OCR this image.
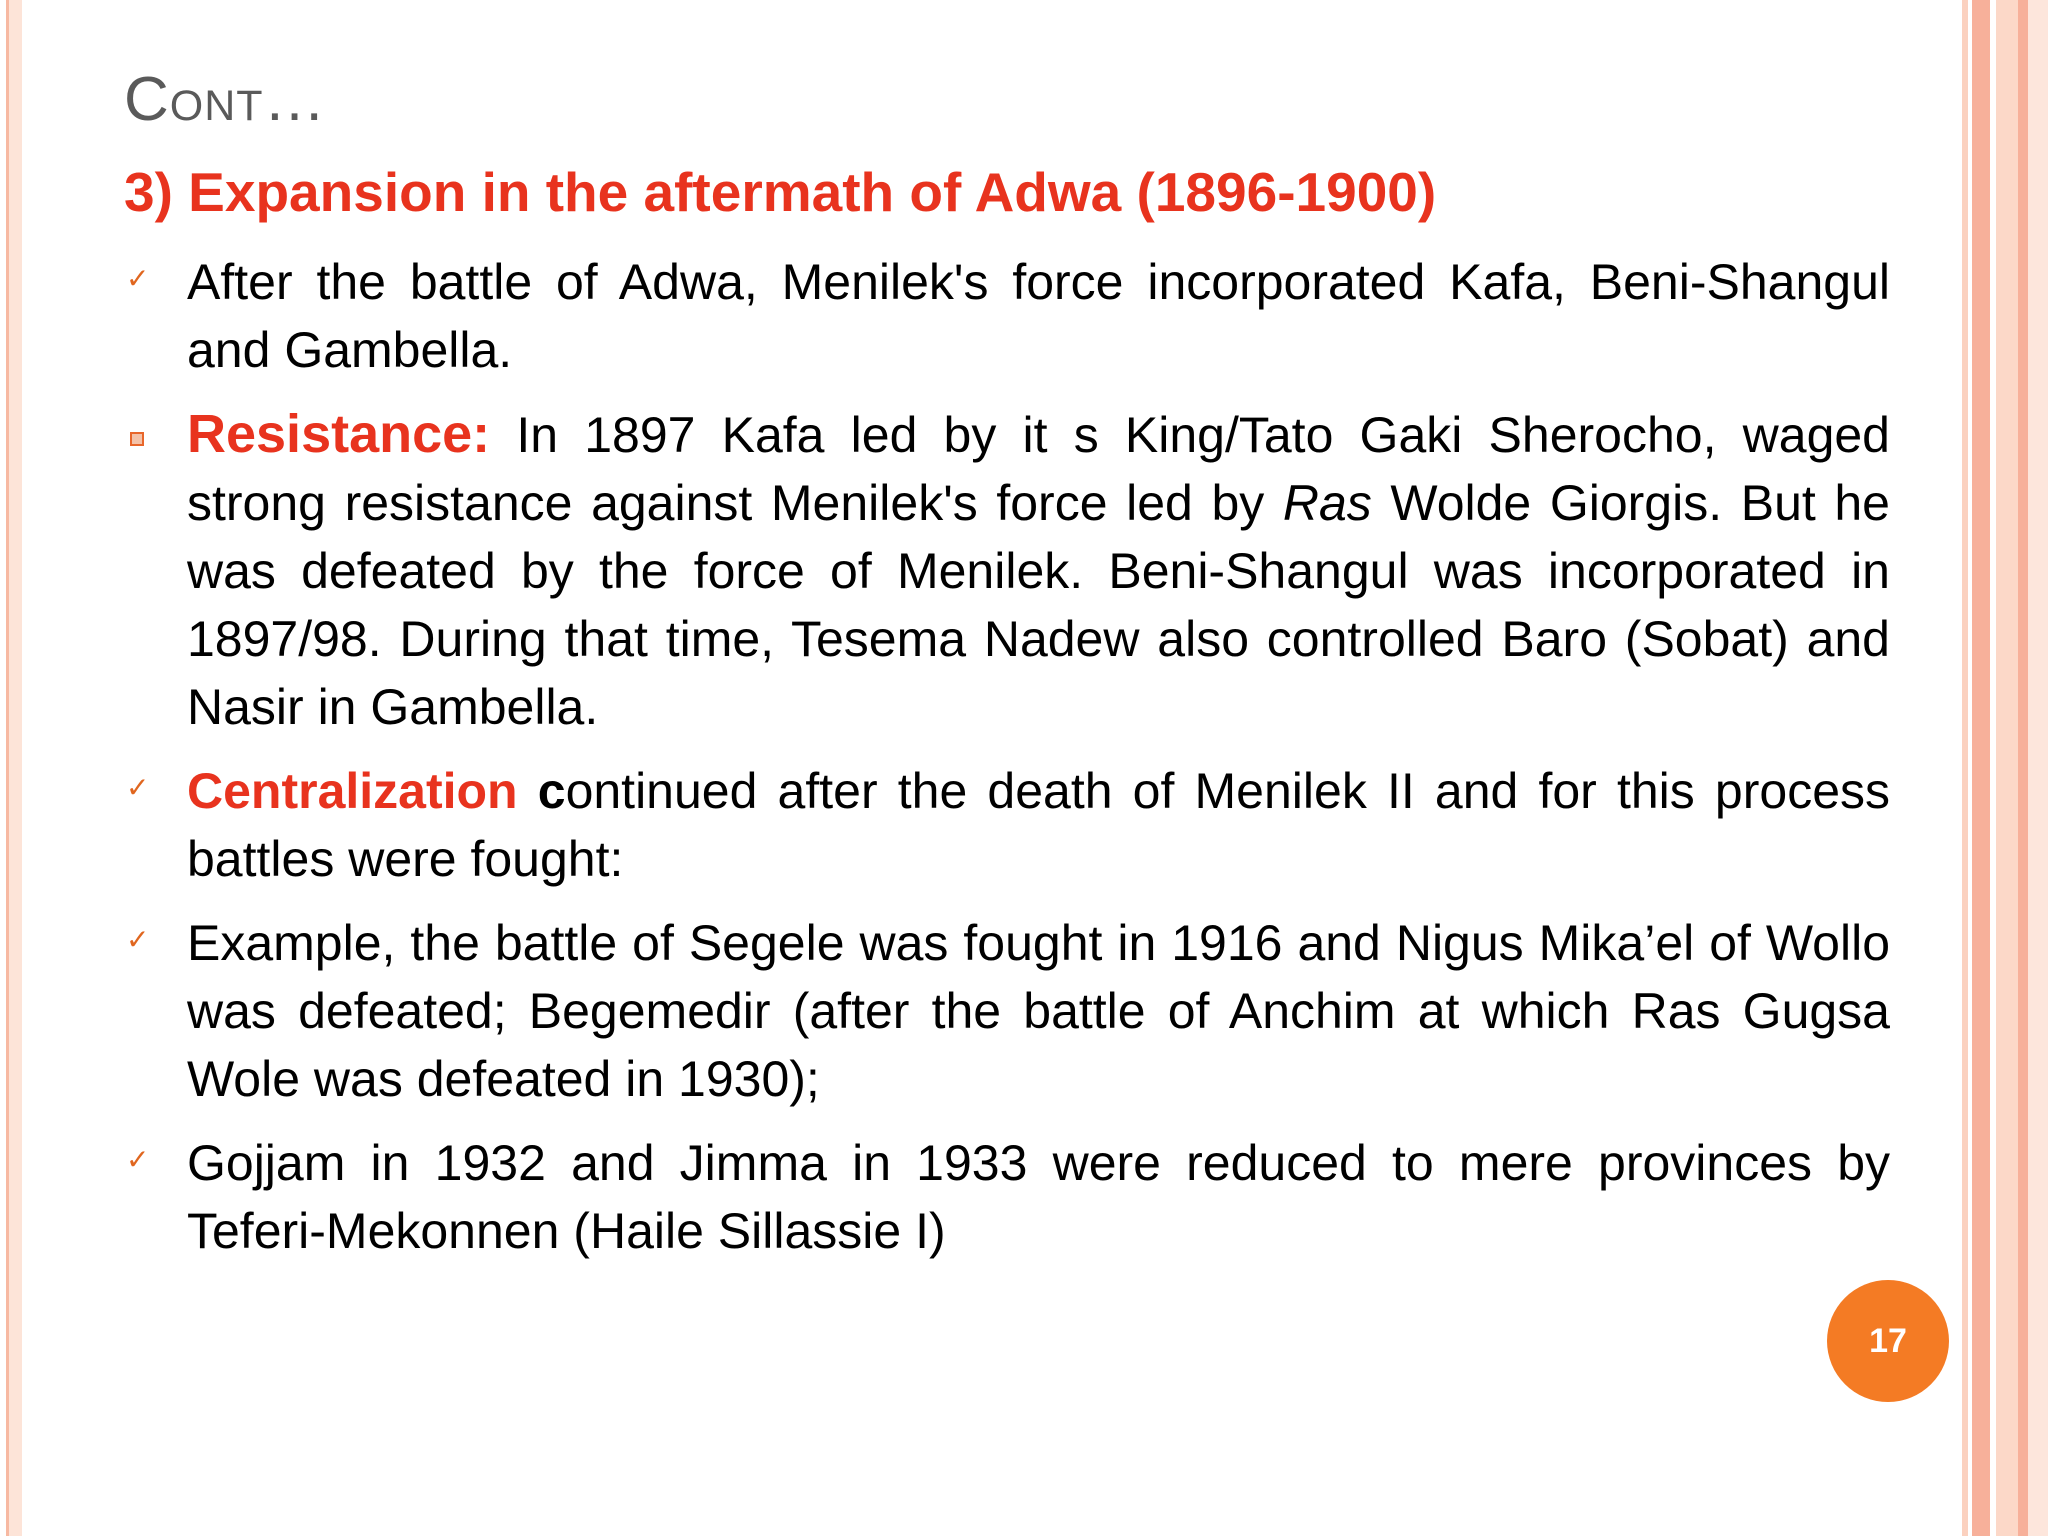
Cont…
3) Expansion in the aftermath of Adwa (1896-1900)
✓ After the battle of Adwa, Menilek's force incorporated Kafa, Beni-Shangul and Gambella.
Resistance: In 1897 Kafa led by it s King/Tato Gaki Sherocho, waged strong resistance against Menilek's force led by Ras Wolde Giorgis. But he was defeated by the force of Menilek. Beni-Shangul was incorporated in 1897/98. During that time, Tesema Nadew also controlled Baro (Sobat) and Nasir in Gambella.
✓ Centralization continued after the death of Menilek II and for this process battles were fought:
✓ Example, the battle of Segele was fought in 1916 and Nigus Mika’el of Wollo was defeated; Begemedir (after the battle of Anchim at which Ras Gugsa Wole was defeated in 1930);
✓ Gojjam in 1932 and Jimma in 1933 were reduced to mere provinces by Teferi-Mekonnen (Haile Sillassie I)
17
